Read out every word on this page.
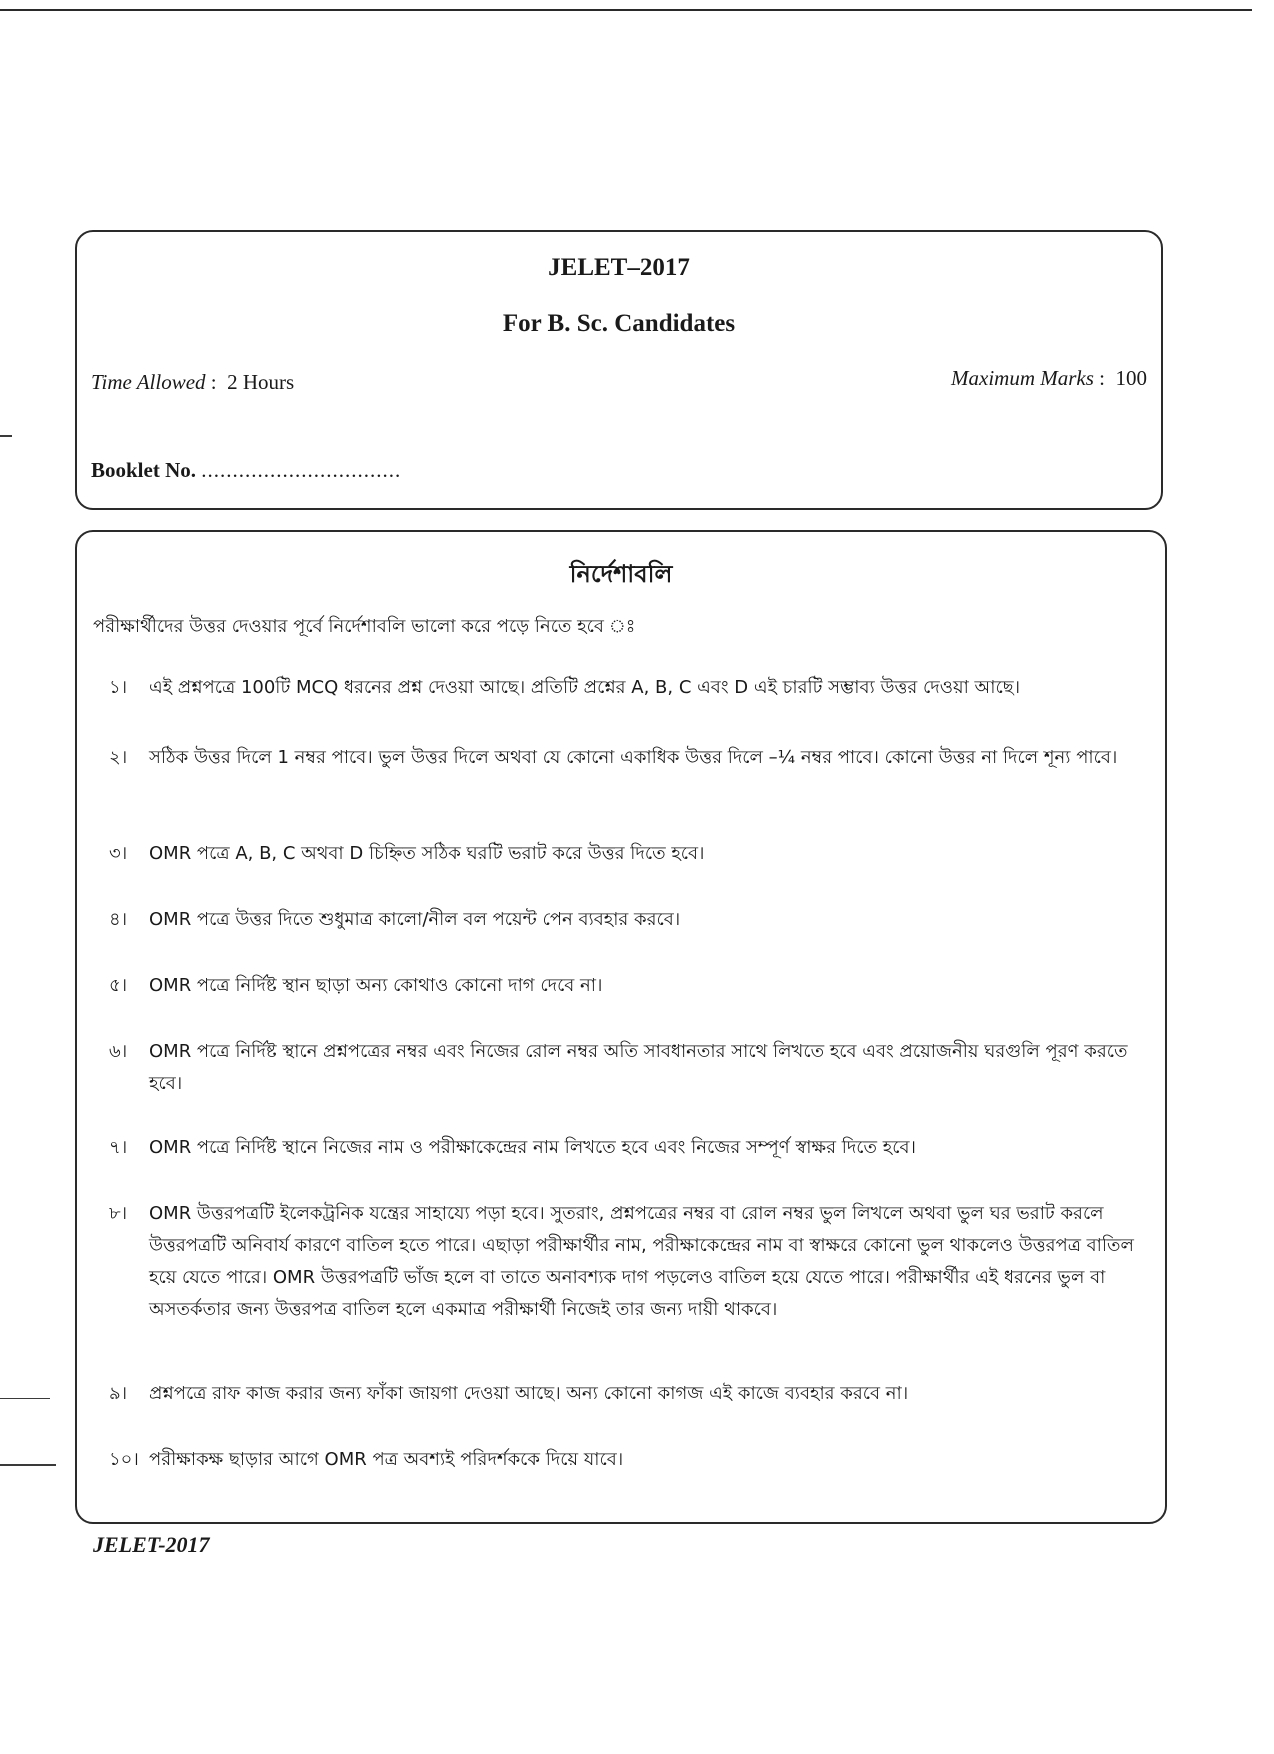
JELET–2017
For B. Sc. Candidates
Time Allowed :  2 Hours	Maximum Marks :  100
Booklet No. ................................
নির্দেশাবলি
পরীক্ষার্থীদের উত্তর দেওয়ার পূর্বে নির্দেশাবলি ভালো করে পড়ে নিতে হবে ঃ
১।	এই প্রশ্নপত্রে 100টি MCQ ধরনের প্রশ্ন দেওয়া আছে। প্রতিটি প্রশ্নের A, B, C এবং D এই চারটি সম্ভাব্য উত্তর দেওয়া আছে।
২।	সঠিক উত্তর দিলে 1 নম্বর পাবে। ভুল উত্তর দিলে অথবা যে কোনো একাধিক উত্তর দিলে –¼ নম্বর পাবে। কোনো উত্তর না দিলে শূন্য পাবে।
৩।	OMR পত্রে A, B, C অথবা D চিহ্নিত সঠিক ঘরটি ভরাট করে উত্তর দিতে হবে।
৪।	OMR পত্রে উত্তর দিতে শুধুমাত্র কালো/নীল বল পয়েন্ট পেন ব্যবহার করবে।
৫।	OMR পত্রে নির্দিষ্ট স্থান ছাড়া অন্য কোথাও কোনো দাগ দেবে না।
৬।	OMR পত্রে নির্দিষ্ট স্থানে প্রশ্নপত্রের নম্বর এবং নিজের রোল নম্বর অতি সাবধানতার সাথে লিখতে হবে এবং প্রয়োজনীয় ঘরগুলি পূরণ করতে হবে।
৭।	OMR পত্রে নির্দিষ্ট স্থানে নিজের নাম ও পরীক্ষাকেন্দ্রের নাম লিখতে হবে এবং নিজের সম্পূর্ণ স্বাক্ষর দিতে হবে।
৮।	OMR উত্তরপত্রটি ইলেকট্রনিক যন্ত্রের সাহায্যে পড়া হবে। সুতরাং, প্রশ্নপত্রের নম্বর বা রোল নম্বর ভুল লিখলে অথবা ভুল ঘর ভরাট করলে উত্তরপত্রটি অনিবার্য কারণে বাতিল হতে পারে। এছাড়া পরীক্ষার্থীর নাম, পরীক্ষাকেন্দ্রের নাম বা স্বাক্ষরে কোনো ভুল থাকলেও উত্তরপত্র বাতিল হয়ে যেতে পারে। OMR উত্তরপত্রটি ভাঁজ হলে বা তাতে অনাবশ্যক দাগ পড়লেও বাতিল হয়ে যেতে পারে। পরীক্ষার্থীর এই ধরনের ভুল বা অসতর্কতার জন্য উত্তরপত্র বাতিল হলে একমাত্র পরীক্ষার্থী নিজেই তার জন্য দায়ী থাকবে।
৯।	প্রশ্নপত্রে রাফ কাজ করার জন্য ফাঁকা জায়গা দেওয়া আছে। অন্য কোনো কাগজ এই কাজে ব্যবহার করবে না।
১০। পরীক্ষাকক্ষ ছাড়ার আগে OMR পত্র অবশ্যই পরিদর্শককে দিয়ে যাবে।
JELET-2017
